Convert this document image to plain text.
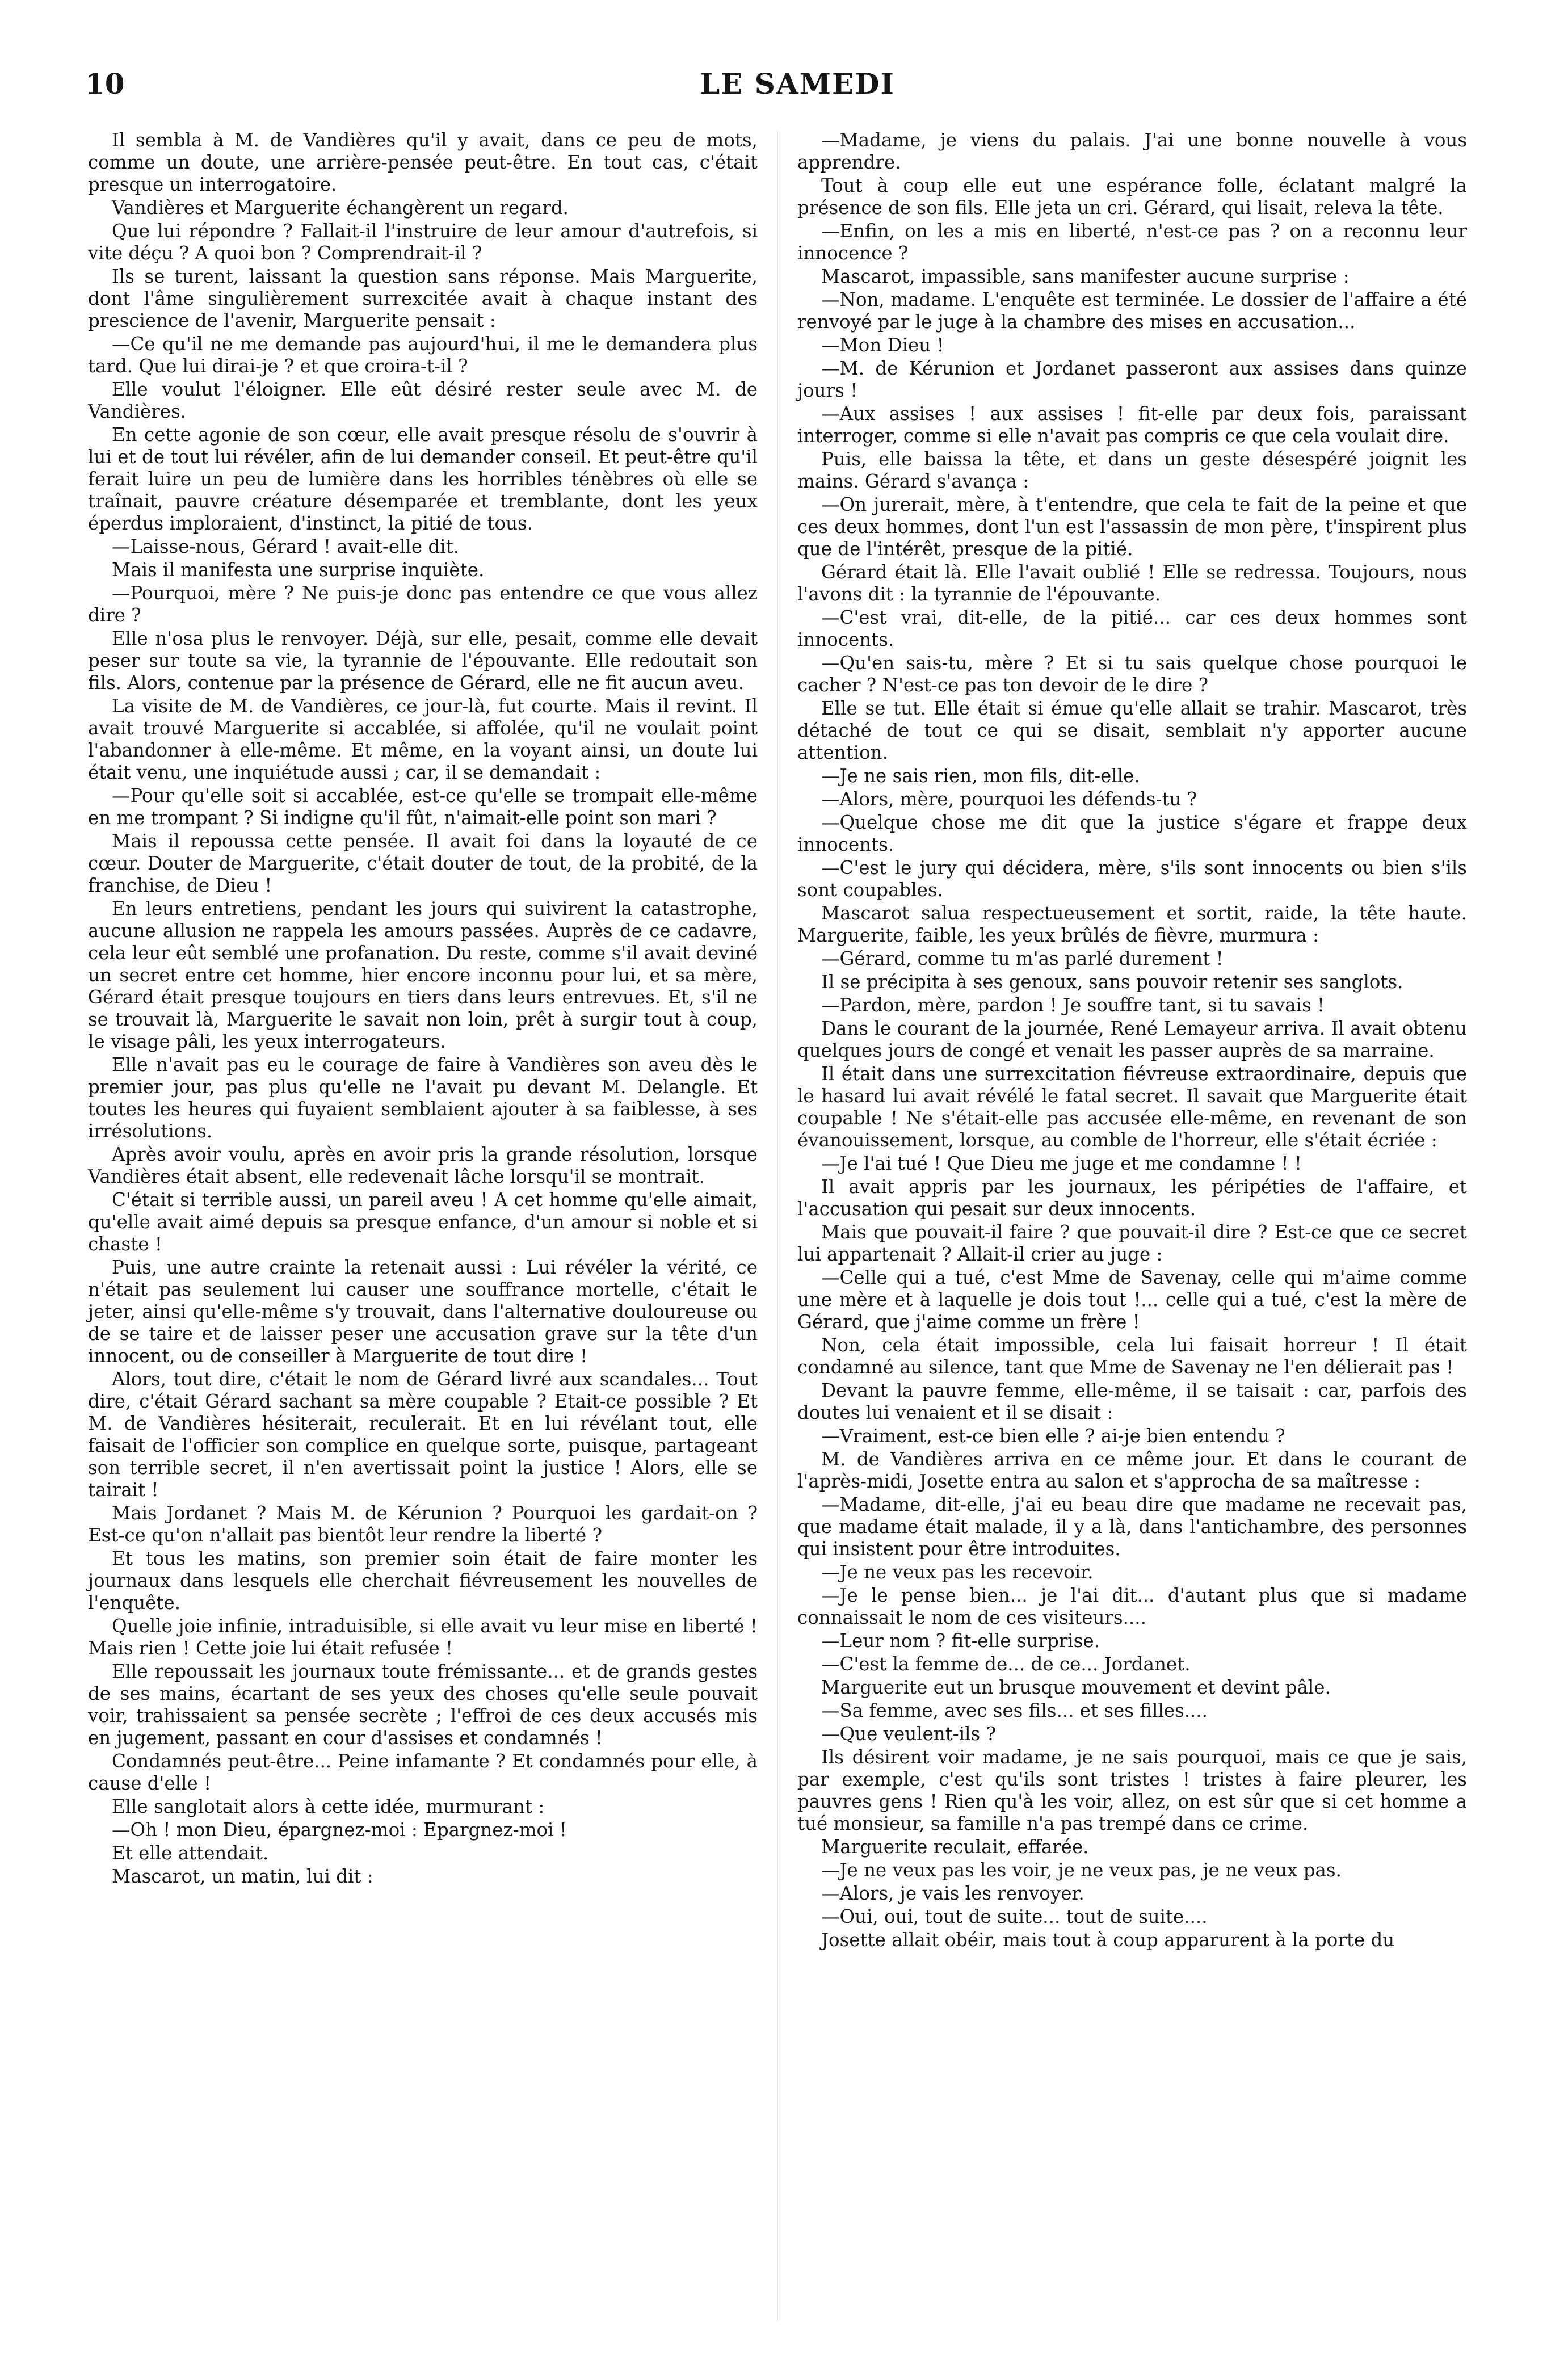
10	LE SAMEDI

Il sembla à M. de Vandières qu'il y avait, dans ce peu de mots, comme un doute, une arrière-pensée peut-être. En tout cas, c'était presque un interrogatoire.

Vandières et Marguerite échangèrent un regard.

Que lui répondre ? Fallait-il l'instruire de leur amour d'autrefois, si vite déçu ? A quoi bon ? Comprendrait-il ?

Ils se turent, laissant la question sans réponse. Mais Marguerite, dont l'âme singulièrement surrexcitée avait à chaque instant des prescience de l'avenir, Marguerite pensait :

—Ce qu'il ne me demande pas aujourd'hui, il me le demandera plus tard. Que lui dirai-je ? et que croira-t-il ?

Elle voulut l'éloigner. Elle eût désiré rester seule avec M. de Vandières.

En cette agonie de son cœur, elle avait presque résolu de s'ouvrir à lui et de tout lui révéler, afin de lui demander conseil. Et peut-être qu'il ferait luire un peu de lumière dans les horribles ténèbres où elle se traînait, pauvre créature désemparée et tremblante, dont les yeux éperdus imploraient, d'instinct, la pitié de tous.

—Laisse-nous, Gérard ! avait-elle dit.

Mais il manifesta une surprise inquiète.

—Pourquoi, mère ? Ne puis-je donc pas entendre ce que vous allez dire ?

Elle n'osa plus le renvoyer. Déjà, sur elle, pesait, comme elle devait peser sur toute sa vie, la tyrannie de l'épouvante. Elle redoutait son fils. Alors, contenue par la présence de Gérard, elle ne fit aucun aveu.

La visite de M. de Vandières, ce jour-là, fut courte. Mais il revint. Il avait trouvé Marguerite si accablée, si affolée, qu'il ne voulait point l'abandonner à elle-même. Et même, en la voyant ainsi, un doute lui était venu, une inquiétude aussi ; car, il se demandait :

—Pour qu'elle soit si accablée, est-ce qu'elle se trompait elle-même en me trompant ? Si indigne qu'il fût, n'aimait-elle point son mari ?

Mais il repoussa cette pensée. Il avait foi dans la loyauté de ce cœur. Douter de Marguerite, c'était douter de tout, de la probité, de la franchise, de Dieu !

En leurs entretiens, pendant les jours qui suivirent la catastrophe, aucune allusion ne rappela les amours passées. Auprès de ce cadavre, cela leur eût semblé une profanation. Du reste, comme s'il avait deviné un secret entre cet homme, hier encore inconnu pour lui, et sa mère, Gérard était presque toujours en tiers dans leurs entrevues. Et, s'il ne se trouvait là, Marguerite le savait non loin, prêt à surgir tout à coup, le visage pâli, les yeux interrogateurs.

Elle n'avait pas eu le courage de faire à Vandières son aveu dès le premier jour, pas plus qu'elle ne l'avait pu devant M. Delangle. Et toutes les heures qui fuyaient semblaient ajouter à sa faiblesse, à ses irrésolutions.

Après avoir voulu, après en avoir pris la grande résolution, lorsque Vandières était absent, elle redevenait lâche lorsqu'il se montrait.

C'était si terrible aussi, un pareil aveu ! A cet homme qu'elle aimait, qu'elle avait aimé depuis sa presque enfance, d'un amour si noble et si chaste !

Puis, une autre crainte la retenait aussi : Lui révéler la vérité, ce n'était pas seulement lui causer une souffrance mortelle, c'était le jeter, ainsi qu'elle-même s'y trouvait, dans l'alternative douloureuse ou de se taire et de laisser peser une accusation grave sur la tête d'un innocent, ou de conseiller à Marguerite de tout dire !

Alors, tout dire, c'était le nom de Gérard livré aux scandales... Tout dire, c'était Gérard sachant sa mère coupable ? Etait-ce possible ? Et M. de Vandières hésiterait, reculerait. Et en lui révélant tout, elle faisait de l'officier son complice en quelque sorte, puisque, partageant son terrible secret, il n'en avertissait point la justice ! Alors, elle se tairait !

Mais Jordanet ? Mais M. de Kérunion ? Pourquoi les gardait-on ? Est-ce qu'on n'allait pas bientôt leur rendre la liberté ?

Et tous les matins, son premier soin était de faire monter les journaux dans lesquels elle cherchait fiévreusement les nouvelles de l'enquête.

Quelle joie infinie, intraduisible, si elle avait vu leur mise en liberté ! Mais rien ! Cette joie lui était refusée !

Elle repoussait les journaux toute frémissante... et de grands gestes de ses mains, écartant de ses yeux des choses qu'elle seule pouvait voir, trahissaient sa pensée secrète ; l'effroi de ces deux accusés mis en jugement, passant en cour d'assises et condamnés !

Condamnés peut-être... Peine infamante ? Et condamnés pour elle, à cause d'elle !

Elle sanglotait alors à cette idée, murmurant :

—Oh ! mon Dieu, épargnez-moi : Epargnez-moi !

Et elle attendait.

Mascarot, un matin, lui dit :

—Madame, je viens du palais. J'ai une bonne nouvelle à vous apprendre.

Tout à coup elle eut une espérance folle, éclatant malgré la présence de son fils. Elle jeta un cri. Gérard, qui lisait, releva la tête.

—Enfin, on les a mis en liberté, n'est-ce pas ? on a reconnu leur innocence ?

Mascarot, impassible, sans manifester aucune surprise :

—Non, madame. L'enquête est terminée. Le dossier de l'affaire a été renvoyé par le juge à la chambre des mises en accusation...

—Mon Dieu !

—M. de Kérunion et Jordanet passeront aux assises dans quinze jours !

—Aux assises ! aux assises ! fit-elle par deux fois, paraissant interroger, comme si elle n'avait pas compris ce que cela voulait dire.

Puis, elle baissa la tête, et dans un geste désespéré joignit les mains. Gérard s'avança :

—On jurerait, mère, à t'entendre, que cela te fait de la peine et que ces deux hommes, dont l'un est l'assassin de mon père, t'inspirent plus que de l'intérêt, presque de la pitié.

Gérard était là. Elle l'avait oublié ! Elle se redressa. Toujours, nous l'avons dit : la tyrannie de l'épouvante.

—C'est vrai, dit-elle, de la pitié... car ces deux hommes sont innocents.

—Qu'en sais-tu, mère ? Et si tu sais quelque chose pourquoi le cacher ? N'est-ce pas ton devoir de le dire ?

Elle se tut. Elle était si émue qu'elle allait se trahir. Mascarot, très détaché de tout ce qui se disait, semblait n'y apporter aucune attention.

—Je ne sais rien, mon fils, dit-elle.

—Alors, mère, pourquoi les défends-tu ?

—Quelque chose me dit que la justice s'égare et frappe deux innocents.

—C'est le jury qui décidera, mère, s'ils sont innocents ou bien s'ils sont coupables.

Mascarot salua respectueusement et sortit, raide, la tête haute. Marguerite, faible, les yeux brûlés de fièvre, murmura :

—Gérard, comme tu m'as parlé durement !

Il se précipita à ses genoux, sans pouvoir retenir ses sanglots.

—Pardon, mère, pardon ! Je souffre tant, si tu savais !

Dans le courant de la journée, René Lemayeur arriva. Il avait obtenu quelques jours de congé et venait les passer auprès de sa marraine.

Il était dans une surrexcitation fiévreuse extraordinaire, depuis que le hasard lui avait révélé le fatal secret. Il savait que Marguerite était coupable ! Ne s'était-elle pas accusée elle-même, en revenant de son évanouissement, lorsque, au comble de l'horreur, elle s'était écriée :

—Je l'ai tué ! Que Dieu me juge et me condamne ! !

Il avait appris par les journaux, les péripéties de l'affaire, et l'accusation qui pesait sur deux innocents.

Mais que pouvait-il faire ? que pouvait-il dire ? Est-ce que ce secret lui appartenait ? Allait-il crier au juge :

—Celle qui a tué, c'est Mme de Savenay, celle qui m'aime comme une mère et à laquelle je dois tout !... celle qui a tué, c'est la mère de Gérard, que j'aime comme un frère !

Non, cela était impossible, cela lui faisait horreur ! Il était condamné au silence, tant que Mme de Savenay ne l'en délierait pas !

Devant la pauvre femme, elle-même, il se taisait : car, parfois des doutes lui venaient et il se disait :

—Vraiment, est-ce bien elle ? ai-je bien entendu ?

M. de Vandières arriva en ce même jour. Et dans le courant de l'après-midi, Josette entra au salon et s'approcha de sa maîtresse :

—Madame, dit-elle, j'ai eu beau dire que madame ne recevait pas, que madame était malade, il y a là, dans l'antichambre, des personnes qui insistent pour être introduites.

—Je ne veux pas les recevoir.

—Je le pense bien... je l'ai dit... d'autant plus que si madame connaissait le nom de ces visiteurs....

—Leur nom ? fit-elle surprise.

—C'est la femme de... de ce... Jordanet.

Marguerite eut un brusque mouvement et devint pâle.

—Sa femme, avec ses fils... et ses filles....

—Que veulent-ils ?

Ils désirent voir madame, je ne sais pourquoi, mais ce que je sais, par exemple, c'est qu'ils sont tristes ! tristes à faire pleurer, les pauvres gens ! Rien qu'à les voir, allez, on est sûr que si cet homme a tué monsieur, sa famille n'a pas trempé dans ce crime.

Marguerite reculait, effarée.

—Je ne veux pas les voir, je ne veux pas, je ne veux pas.

—Alors, je vais les renvoyer.

—Oui, oui, tout de suite... tout de suite....

Josette allait obéir, mais tout à coup apparurent à la porte du
